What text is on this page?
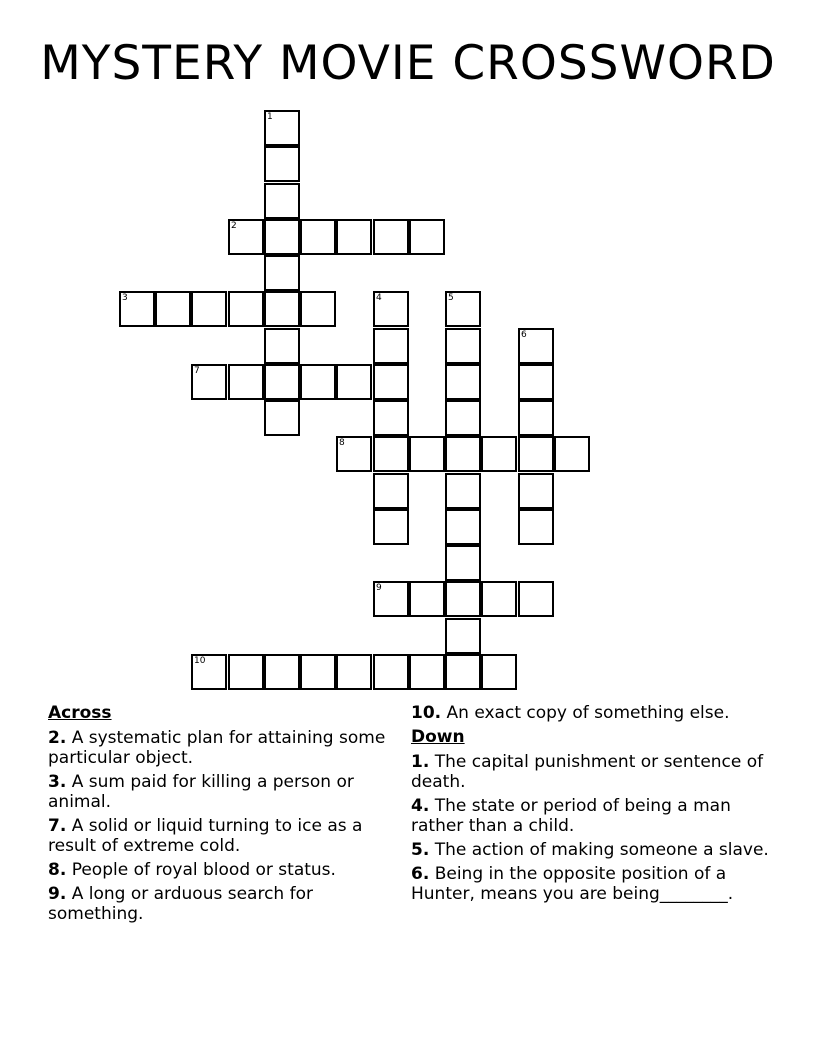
MYSTERY MOVIE CROSSWORD
1
2
3	4	5
6
7
8
9
10
Across
2. A systematic plan for attaining some particular object.
3. A sum paid for killing a person or animal.
7. A solid or liquid turning to ice as a result of extreme cold.
8. People of royal blood or status.
9. A long or arduous search for something.
10. An exact copy of something else.
Down
1. The capital punishment or sentence of death.
4. The state or period of being a man rather than a child.
5. The action of making someone a slave.
6. Being in the opposite position of a Hunter, means you are being________.
